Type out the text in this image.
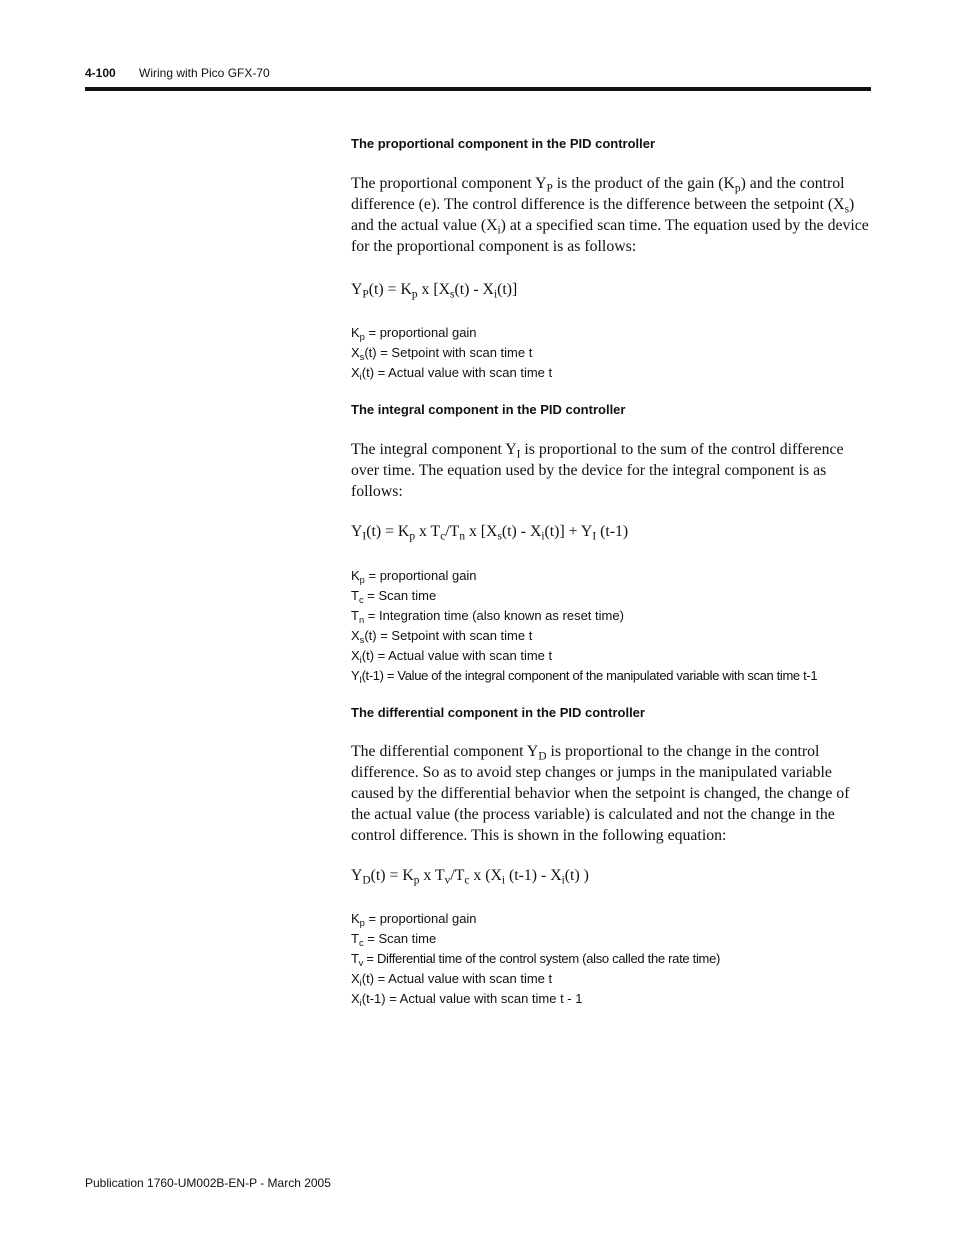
4-100 Wiring with Pico GFX-70
The proportional component in the PID controller
The proportional component $Y_P$ is the product of the gain $(K_p)$ and the control difference (e). The control difference is the difference between the setpoint $(X_s)$ and the actual value $(X_i)$ at a specified scan time. The equation used by the device for the proportional component is as follows:
$Y_P(t) = K_p$ x $[X_s(t) - X_i(t)]$
$K_p$ = proportional gain
$X_s(t)$ = Setpoint with scan time t
$X_i(t)$ = Actual value with scan time t
The integral component in the PID controller
The integral component $Y_I$ is proportional to the sum of the control difference over time. The equation used by the device for the integral component is as follows:
$Y_I(t) = K_p$ x $T_c/T_n$ x $[X_s(t) - X_i(t)] + Y_I$ (t-1)
$K_p$ = proportional gain
$T_c$ = Scan time
$T_n$ = Integration time (also known as reset time)
$X_s(t)$ = Setpoint with scan time t
$X_i(t)$ = Actual value with scan time t
$Y_I(t-1)$ = Value of the integral component of the manipulated variable with scan time t-1
The differential component in the PID controller
The differential component $Y_D$ is proportional to the change in the control difference. So as to avoid step changes or jumps in the manipulated variable caused by the differential behavior when the setpoint is changed, the change of the actual value (the process variable) is calculated and not the change in the control difference. This is shown in the following equation:
$Y_D(t) = K_p$ x $T_v/T_c$ x ($X_i$ $(t-1) - X_i(t)$ )
$K_p$ = proportional gain
$T_c$ = Scan time
$T_v$ = Differential time of the control system (also called the rate time)
$X_i(t)$ = Actual value with scan time t
$X_i(t-1)$ = Actual value with scan time t - 1
Publication 1760-UM002B-EN-P - March 2005
